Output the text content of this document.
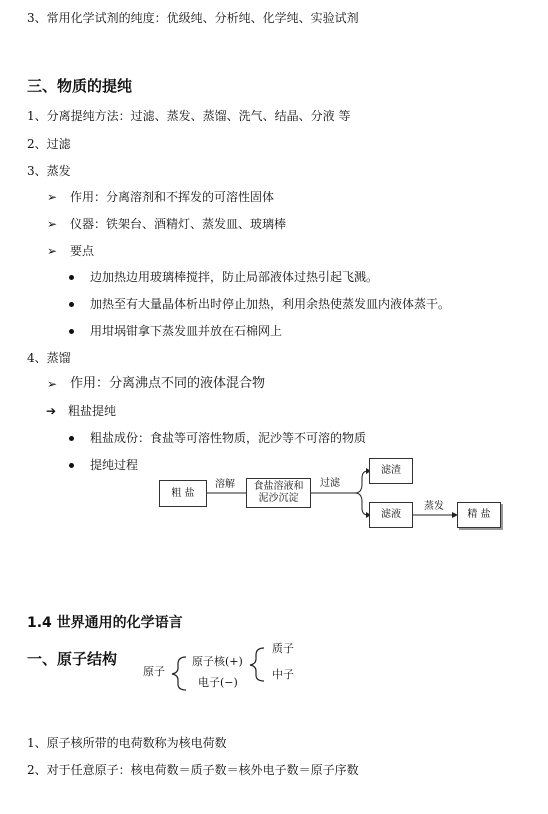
3、常用化学试剂的纯度：优级纯、分析纯、化学纯、实验试剂
三、物质的提纯
1、分离提纯方法：过滤、蒸发、蒸馏、洗气、结晶、分液 等
2、过滤
3、蒸发
➢ 作用：分离溶剂和不挥发的可溶性固体
➢ 仪器：铁架台、酒精灯、蒸发皿、玻璃棒
➢ 要点
边加热边用玻璃棒搅拌，防止局部液体过热引起飞溅。
加热至有大量晶体析出时停止加热，利用余热使蒸发皿内液体蒸干。
用坩埚钳拿下蒸发皿并放在石棉网上
4、蒸馏
➢ 作用：分离沸点不同的液体混合物
➔ 粗盐提纯
粗盐成份：食盐等可溶性物质，泥沙等不可溶的物质
提纯过程
粗 盐
溶解	食盐溶液和
泥沙沉淀
过滤
滤渣
滤液
蒸发
精 盐
1.4 世界通用的化学语言
一、原子结构
原子
原子核(+)
电子(−)
质子
中子
1、原子核所带的电荷数称为核电荷数
2、对于任意原子：核电荷数＝质子数＝核外电子数＝原子序数
